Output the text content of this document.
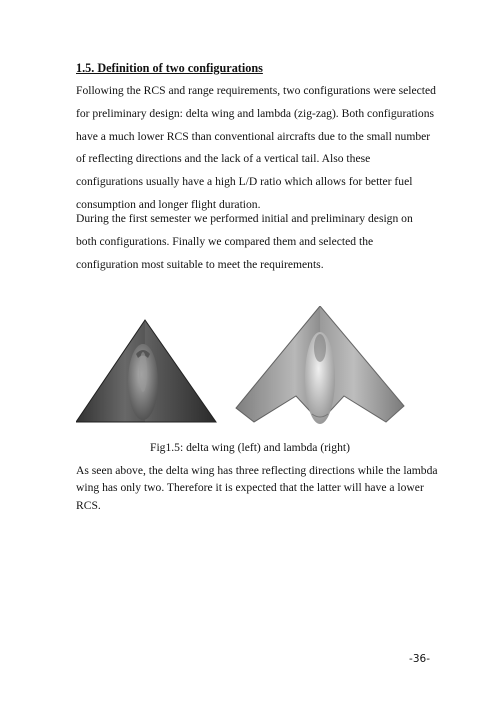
1.5. Definition of two configurations

Following the RCS and range requirements, two configurations were selected for preliminary design: delta wing and lambda (zig-zag). Both configurations have a much lower RCS than conventional aircrafts due to the small number of reflecting directions and the lack of a vertical tail. Also these configurations usually have a high L/D ratio which allows for better fuel consumption and longer flight duration.

During the first semester we performed initial and preliminary design on both configurations. Finally we compared them and selected the configuration most suitable to meet the requirements.

Fig1.5: delta wing (left) and lambda (right)

As seen above, the delta wing has three reflecting directions while the lambda wing has only two. Therefore it is expected that the latter will have a lower RCS.

-36-
